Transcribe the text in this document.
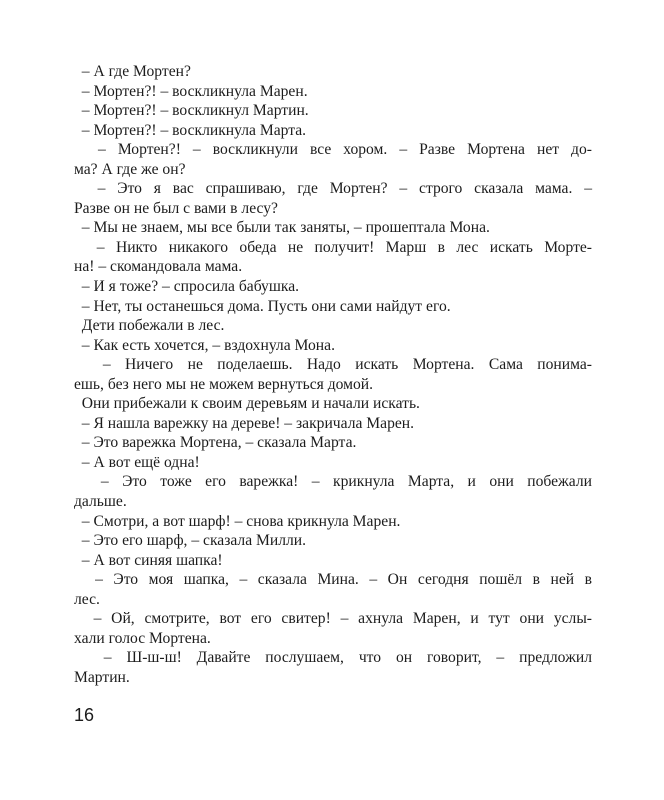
– А где Мортен?
– Мортен?! – воскликнула Марен.
– Мортен?! – воскликнул Мартин.
– Мортен?! – воскликнула Марта.
– Мортен?! – воскликнули все хором. – Разве Мортена нет до-
ма? А где же он?
– Это я вас спрашиваю, где Мортен? – строго сказала мама. –
Разве он не был с вами в лесу?
– Мы не знаем, мы все были так заняты, – прошептала Мона.
– Никто никакого обеда не получит! Марш в лес искать Морте-
на! – скомандовала мама.
– И я тоже? – спросила бабушка.
– Нет, ты останешься дома. Пусть они сами найдут его.
Дети побежали в лес.
– Как есть хочется, – вздохнула Мона.
– Ничего не поделаешь. Надо искать Мортена. Сама понима-
ешь, без него мы не можем вернуться домой.
Они прибежали к своим деревьям и начали искать.
– Я нашла варежку на дереве! – закричала Марен.
– Это варежка Мортена, – сказала Марта.
– А вот ещё одна!
– Это тоже его варежка! – крикнула Марта, и они побежали
дальше.
– Смотри, а вот шарф! – снова крикнула Марен.
– Это его шарф, – сказала Милли.
– А вот синяя шапка!
– Это моя шапка, – сказала Мина. – Он сегодня пошёл в ней в
лес.
– Ой, смотрите, вот его свитер! – ахнула Марен, и тут они услы-
хали голос Мортена.
– Ш-ш-ш! Давайте послушаем, что он говорит, – предложил
Мартин.
16
